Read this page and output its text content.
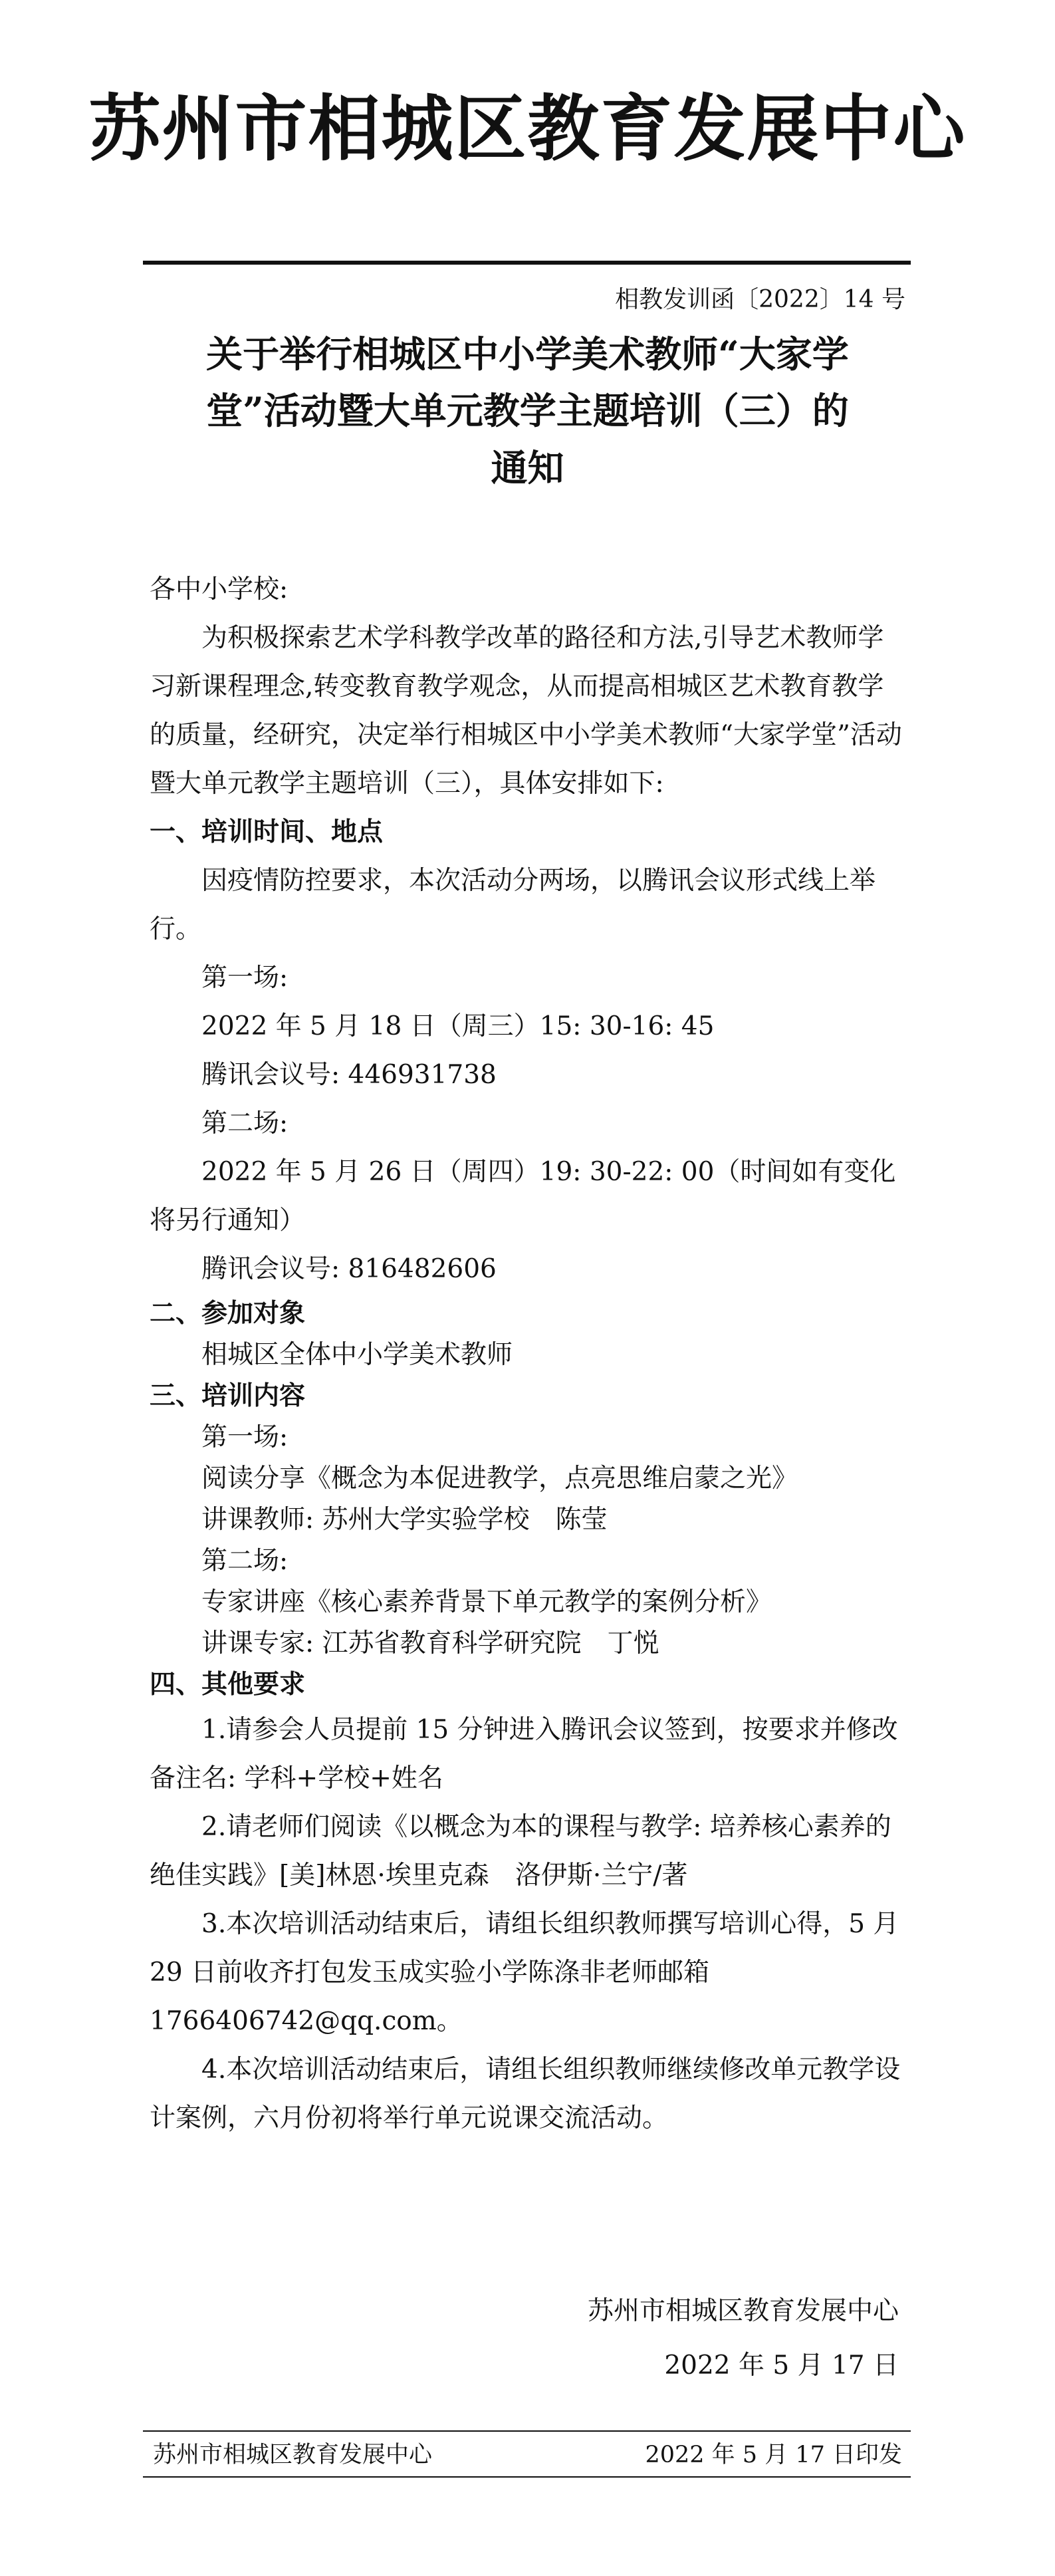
苏州市相城区教育发展中心
相教发训函〔2022〕14 号
关于举行相城区中小学美术教师“大家学
堂”活动暨大单元教学主题培训（三）的
通知

各中小学校:

为积极探索艺术学科教学改革的路径和方法,引导艺术教师学习新课程理念,转变教育教学观念，从而提高相城区艺术教育教学的质量，经研究，决定举行相城区中小学美术教师“大家学堂”活动暨大单元教学主题培训（三），具体安排如下:

一、培训时间、地点

因疫情防控要求，本次活动分两场，以腾讯会议形式线上举行。

第一场:

2022 年 5 月 18 日（周三）15: 30-16: 45

腾讯会议号: 446931738

第二场:

2022 年 5 月 26 日（周四）19: 30-22: 00（时间如有变化将另行通知）

腾讯会议号: 816482606

二、参加对象

相城区全体中小学美术教师

三、培训内容

第一场:

阅读分享《概念为本促进教学，点亮思维启蒙之光》

讲课教师: 苏州大学实验学校　陈莹

第二场:

专家讲座《核心素养背景下单元教学的案例分析》

讲课专家: 江苏省教育科学研究院　丁悦

四、其他要求

1.请参会人员提前 15 分钟进入腾讯会议签到，按要求并修改备注名: 学科+学校+姓名

2.请老师们阅读《以概念为本的课程与教学: 培养核心素养的绝佳实践》[美]林恩·埃里克森　洛伊斯·兰宁/著

3.本次培训活动结束后，请组长组织教师撰写培训心得，5 月 29 日前收齐打包发玉成实验小学陈涤非老师邮箱 1766406742@qq.com。

4.本次培训活动结束后，请组长组织教师继续修改单元教学设计案例，六月份初将举行单元说课交流活动。

苏州市相城区教育发展中心

2022 年 5 月 17 日

苏州市相城区教育发展中心	2022 年 5 月 17 日印发
